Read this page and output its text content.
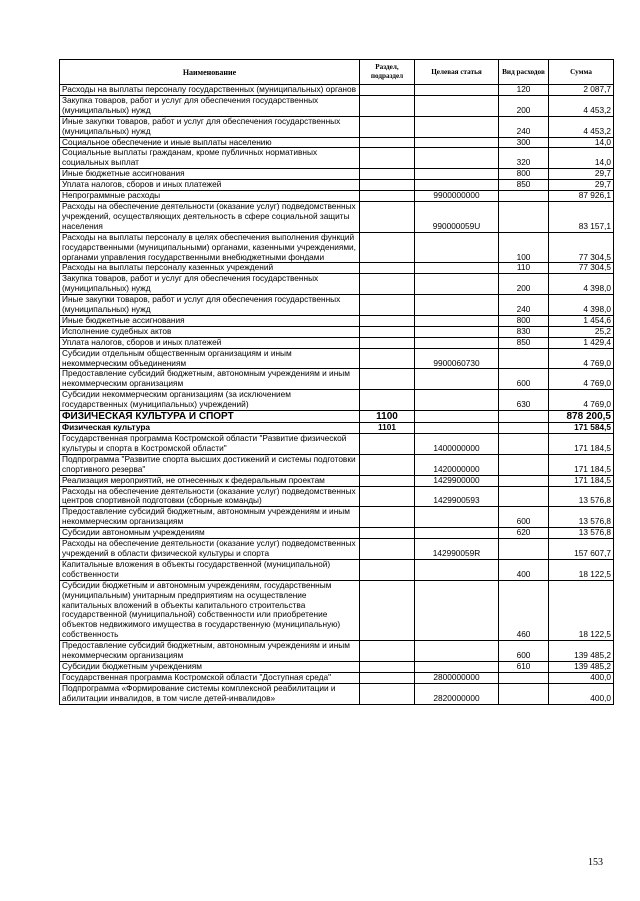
Наименование	Раздел, подраздел	Целевая статья	Вид расходов	Сумма
Расходы на выплаты персоналу государственных (муниципальных) органов			120	2 087,7
Закупка товаров, работ и услуг для обеспечения государственных (муниципальных) нужд			200	4 453,2
Иные закупки товаров, работ и услуг для обеспечения государственных (муниципальных) нужд			240	4 453,2
Социальное обеспечение и иные выплаты населению			300	14,0
Социальные выплаты гражданам, кроме публичных нормативных социальных выплат			320	14,0
Иные бюджетные ассигнования			800	29,7
Уплата налогов, сборов и иных платежей			850	29,7
Непрограммные расходы		9900000000		87 926,1
Расходы на обеспечение деятельности (оказание услуг) подведомственных учреждений, осуществляющих деятельность в сфере социальной защиты населения		990000059U		83 157,1
Расходы на выплаты персоналу в целях обеспечения выполнения функций государственными (муниципальными) органами, казенными учреждениями, органами управления государственными внебюджетными фондами			100	77 304,5
Расходы на выплаты персоналу казенных учреждений			110	77 304,5
Закупка товаров, работ и услуг для обеспечения государственных (муниципальных) нужд			200	4 398,0
Иные закупки товаров, работ и услуг для обеспечения государственных (муниципальных) нужд			240	4 398,0
Иные бюджетные ассигнования			800	1 454,6
Исполнение судебных актов			830	25,2
Уплата налогов, сборов и иных платежей			850	1 429,4
Субсидии отдельным общественным организациям и иным некоммерческим объединениям		9900060730		4 769,0
Предоставление субсидий бюджетным, автономным учреждениям и иным некоммерческим организациям			600	4 769,0
Субсидии некоммерческим организациям (за исключением государственных (муниципальных) учреждений)			630	4 769,0
ФИЗИЧЕСКАЯ КУЛЬТУРА И СПОРТ	1100			878 200,5
Физическая культура	1101			171 584,5
Государственная программа Костромской области "Развитие физической культуры и спорта в Костромской области"		1400000000		171 184,5
Подпрограмма "Развитие спорта высших достижений и системы подготовки спортивного резерва"		1420000000		171 184,5
Реализация мероприятий, не отнесенных к федеральным проектам		1429900000		171 184,5
Расходы на обеспечение деятельности (оказание услуг) подведомственных центров спортивной подготовки (сборные команды)		1429900593		13 576,8
Предоставление субсидий бюджетным, автономным учреждениям и иным некоммерческим организациям			600	13 576,8
Субсидии автономным учреждениям			620	13 576,8
Расходы на обеспечение деятельности (оказание услуг) подведомственных учреждений в области физической культуры и спорта		142990059R		157 607,7
Капитальные вложения в объекты государственной (муниципальной) собственности			400	18 122,5
Субсидии бюджетным и автономным учреждениям, государственным (муниципальным) унитарным предприятиям на осуществление капитальных вложений в объекты капитального строительства государственной (муниципальной) собственности или приобретение объектов недвижимого имущества в государственную (муниципальную) собственность			460	18 122,5
Предоставление субсидий бюджетным, автономным учреждениям и иным некоммерческим организациям			600	139 485,2
Субсидии бюджетным учреждениям			610	139 485,2
Государственная программа Костромской области "Доступная среда"		2800000000		400,0
Подпрограмма «Формирование системы комплексной реабилитации и абилитации инвалидов, в том числе детей-инвалидов»		2820000000		400,0
153
